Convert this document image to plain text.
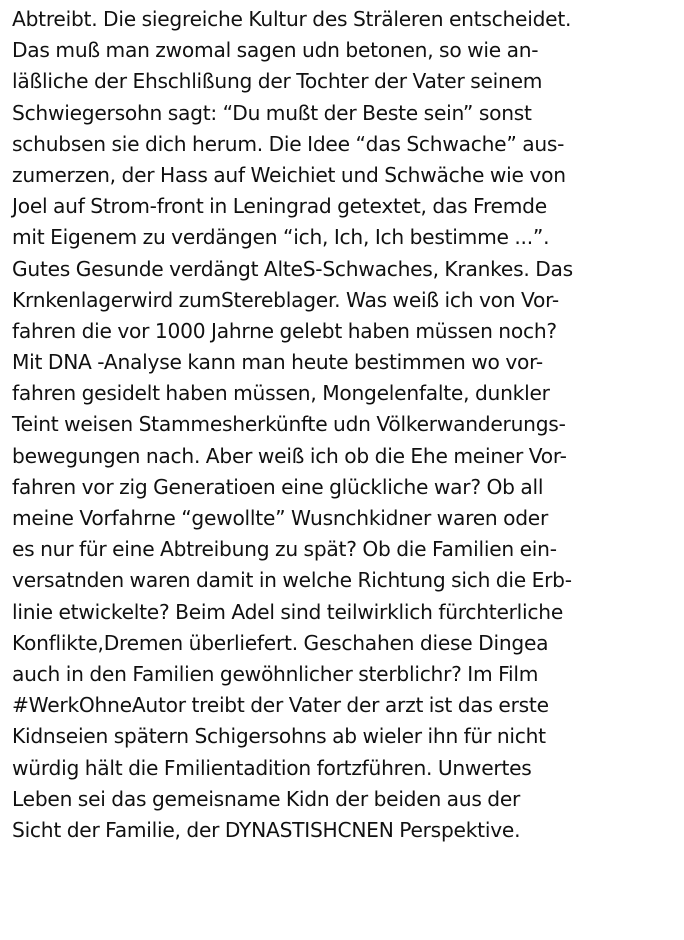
Abtreibt. Die siegreiche Kultur des Sträleren entscheidet.
Das muß man zwomal sagen udn betonen, so wie an-
läßliche der Ehschlißung der Tochter der Vater seinem
Schwiegersohn sagt: “Du mußt der Beste sein” sonst
schubsen sie dich herum. Die Idee “das Schwache” aus-
zumerzen, der Hass auf Weichiet und Schwäche wie von
Joel auf Strom-front in Leningrad getextet, das Fremde
mit Eigenem zu verdängen “ich, Ich, Ich bestimme ...”.
Gutes Gesunde verdängt AlteS-Schwaches, Krankes. Das
Krnkenlagerwird zumStereblager. Was weiß ich von Vor-
fahren die vor 1000 Jahrne gelebt haben müssen noch?
Mit DNA -Analyse kann man heute bestimmen wo vor-
fahren gesidelt haben müssen, Mongelenfalte, dunkler
Teint weisen Stammesherkünfte udn Völkerwanderungs-
bewegungen nach. Aber weiß ich ob die Ehe meiner Vor-
fahren vor zig Generatioen eine glückliche war? Ob all
meine Vorfahrne “gewollte” Wusnchkidner waren oder
es nur für eine Abtreibung zu spät? Ob die Familien ein-
versatnden waren damit in welche Richtung sich die Erb-
linie etwickelte? Beim Adel sind teilwirklich fürchterliche
Konflikte,Dremen überliefert. Geschahen diese Dingea
auch in den Familien gewöhnlicher sterblichr? Im Film
#WerkOhneAutor treibt der Vater der arzt ist das erste
Kidnseien spätern Schigersohns ab wieler ihn für nicht
würdig hält die Fmilientadition fortzführen. Unwertes
Leben sei das gemeisname Kidn der beiden aus der
Sicht der Familie, der DYNASTISHCNEN Perspektive.
